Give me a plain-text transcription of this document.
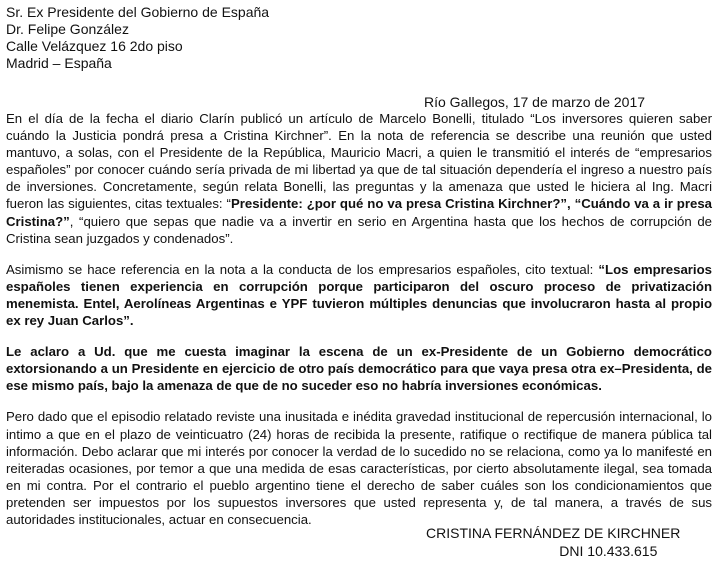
Sr. Ex Presidente del Gobierno de España
Dr. Felipe González
Calle Velázquez 16 2do piso
Madrid – España
Río Gallegos, 17 de marzo de 2017

En el día de la fecha el diario Clarín publicó un artículo de Marcelo Bonelli, titulado “Los inversores quieren saber cuándo la Justicia pondrá presa a Cristina Kirchner”. En la nota de referencia se describe una reunión que usted mantuvo, a solas, con el Presidente de la República, Mauricio Macri, a quien le transmitió el interés de “empresarios españoles” por conocer cuándo sería privada de mi libertad ya que de tal situación dependería el ingreso a nuestro país de inversiones. Concretamente, según relata Bonelli, las preguntas y la amenaza que usted le hiciera al Ing. Macri fueron las siguientes, citas textuales: “Presidente: ¿por qué no va presa Cristina Kirchner?”, “Cuándo va a ir presa Cristina?”, “quiero que sepas que nadie va a invertir en serio en Argentina hasta que los hechos de corrupción de Cristina sean juzgados y condenados”.

Asimismo se hace referencia en la nota a la conducta de los empresarios españoles, cito textual: “Los empresarios españoles tienen experiencia en corrupción porque participaron del oscuro proceso de privatización menemista. Entel, Aerolíneas Argentinas e YPF tuvieron múltiples denuncias que involucraron hasta al propio ex rey Juan Carlos”.

Le aclaro a Ud. que me cuesta imaginar la escena de un ex-Presidente de un Gobierno democrático extorsionando a un Presidente en ejercicio de otro país democrático para que vaya presa otra ex–Presidenta, de ese mismo país, bajo la amenaza de que de no suceder eso no habría inversiones económicas.

Pero dado que el episodio relatado reviste una inusitada e inédita gravedad institucional de repercusión internacional, lo intimo a que en el plazo de veinticuatro (24) horas de recibida la presente, ratifique o rectifique de manera pública tal información. Debo aclarar que mi interés por conocer la verdad de lo sucedido no se relaciona, como ya lo manifesté en reiteradas ocasiones, por temor a que una medida de esas características, por cierto absolutamente ilegal, sea tomada en mi contra. Por el contrario el pueblo argentino tiene el derecho de saber cuáles son los condicionamientos que pretenden ser impuestos por los supuestos inversores que usted representa y, de tal manera, a través de sus autoridades institucionales, actuar en consecuencia.

CRISTINA FERNÁNDEZ DE KIRCHNER
DNI 10.433.615
